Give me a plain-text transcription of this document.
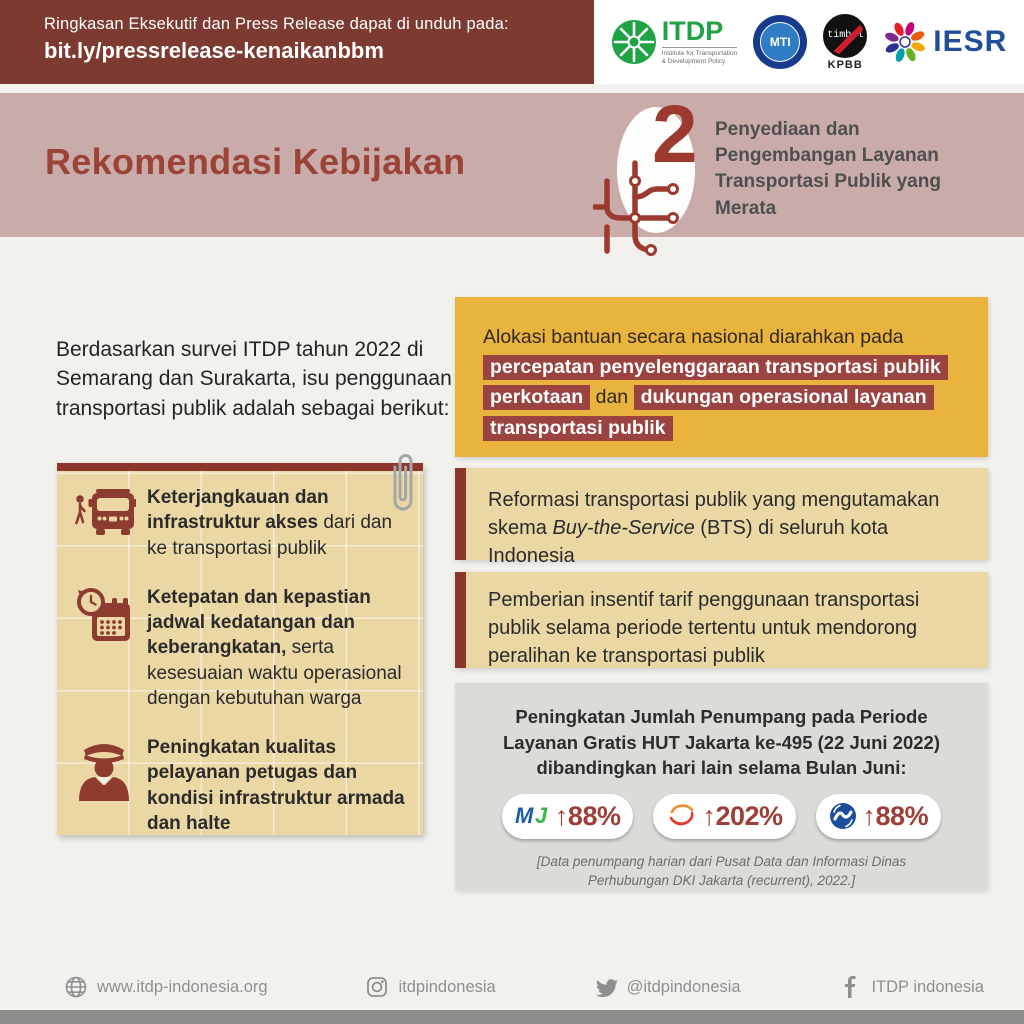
Ringkasan Eksekutif dan Press Release dapat di unduh pada:
bit.ly/pressrelease-kenaikanbbm
ITDP
Institute for Transportation
& Development Policy
MTI	timbel
KPBB
IESR
Rekomendasi Kebijakan 2 Penyediaan dan Pengembangan Layanan Transportasi Publik yang Merata
Berdasarkan survei ITDP tahun 2022 di Semarang dan Surakarta, isu penggunaan transportasi publik adalah sebagai berikut:
Keterjangkauan dan infrastruktur akses dari dan ke transportasi publik
Ketepatan dan kepastian jadwal kedatangan dan keberangkatan, serta kesesuaian waktu operasional dengan kebutuhan warga
Peningkatan kualitas pelayanan petugas dan kondisi infrastruktur armada dan halte
Alokasi bantuan secara nasional diarahkan pada percepatan penyelenggaraan transportasi publik perkotaan dan dukungan operasional layanan transportasi publik
Reformasi transportasi publik yang mengutamakan skema Buy-the-Service (BTS) di seluruh kota Indonesia
Pemberian insentif tarif penggunaan transportasi publik selama periode tertentu untuk mendorong peralihan ke transportasi publik
Peningkatan Jumlah Penumpang pada Periode Layanan Gratis HUT Jakarta ke-495 (22 Juni 2022) dibandingkan hari lain selama Bulan Juni:
M J ↑88%	↑202%	↑88%
[Data penumpang harian dari Pusat Data dan Informasi Dinas Perhubungan DKI Jakarta (recurrent), 2022.]
www.itdp-indonesia.org	itdpindonesia	@itdpindonesia	ITDP indonesia
